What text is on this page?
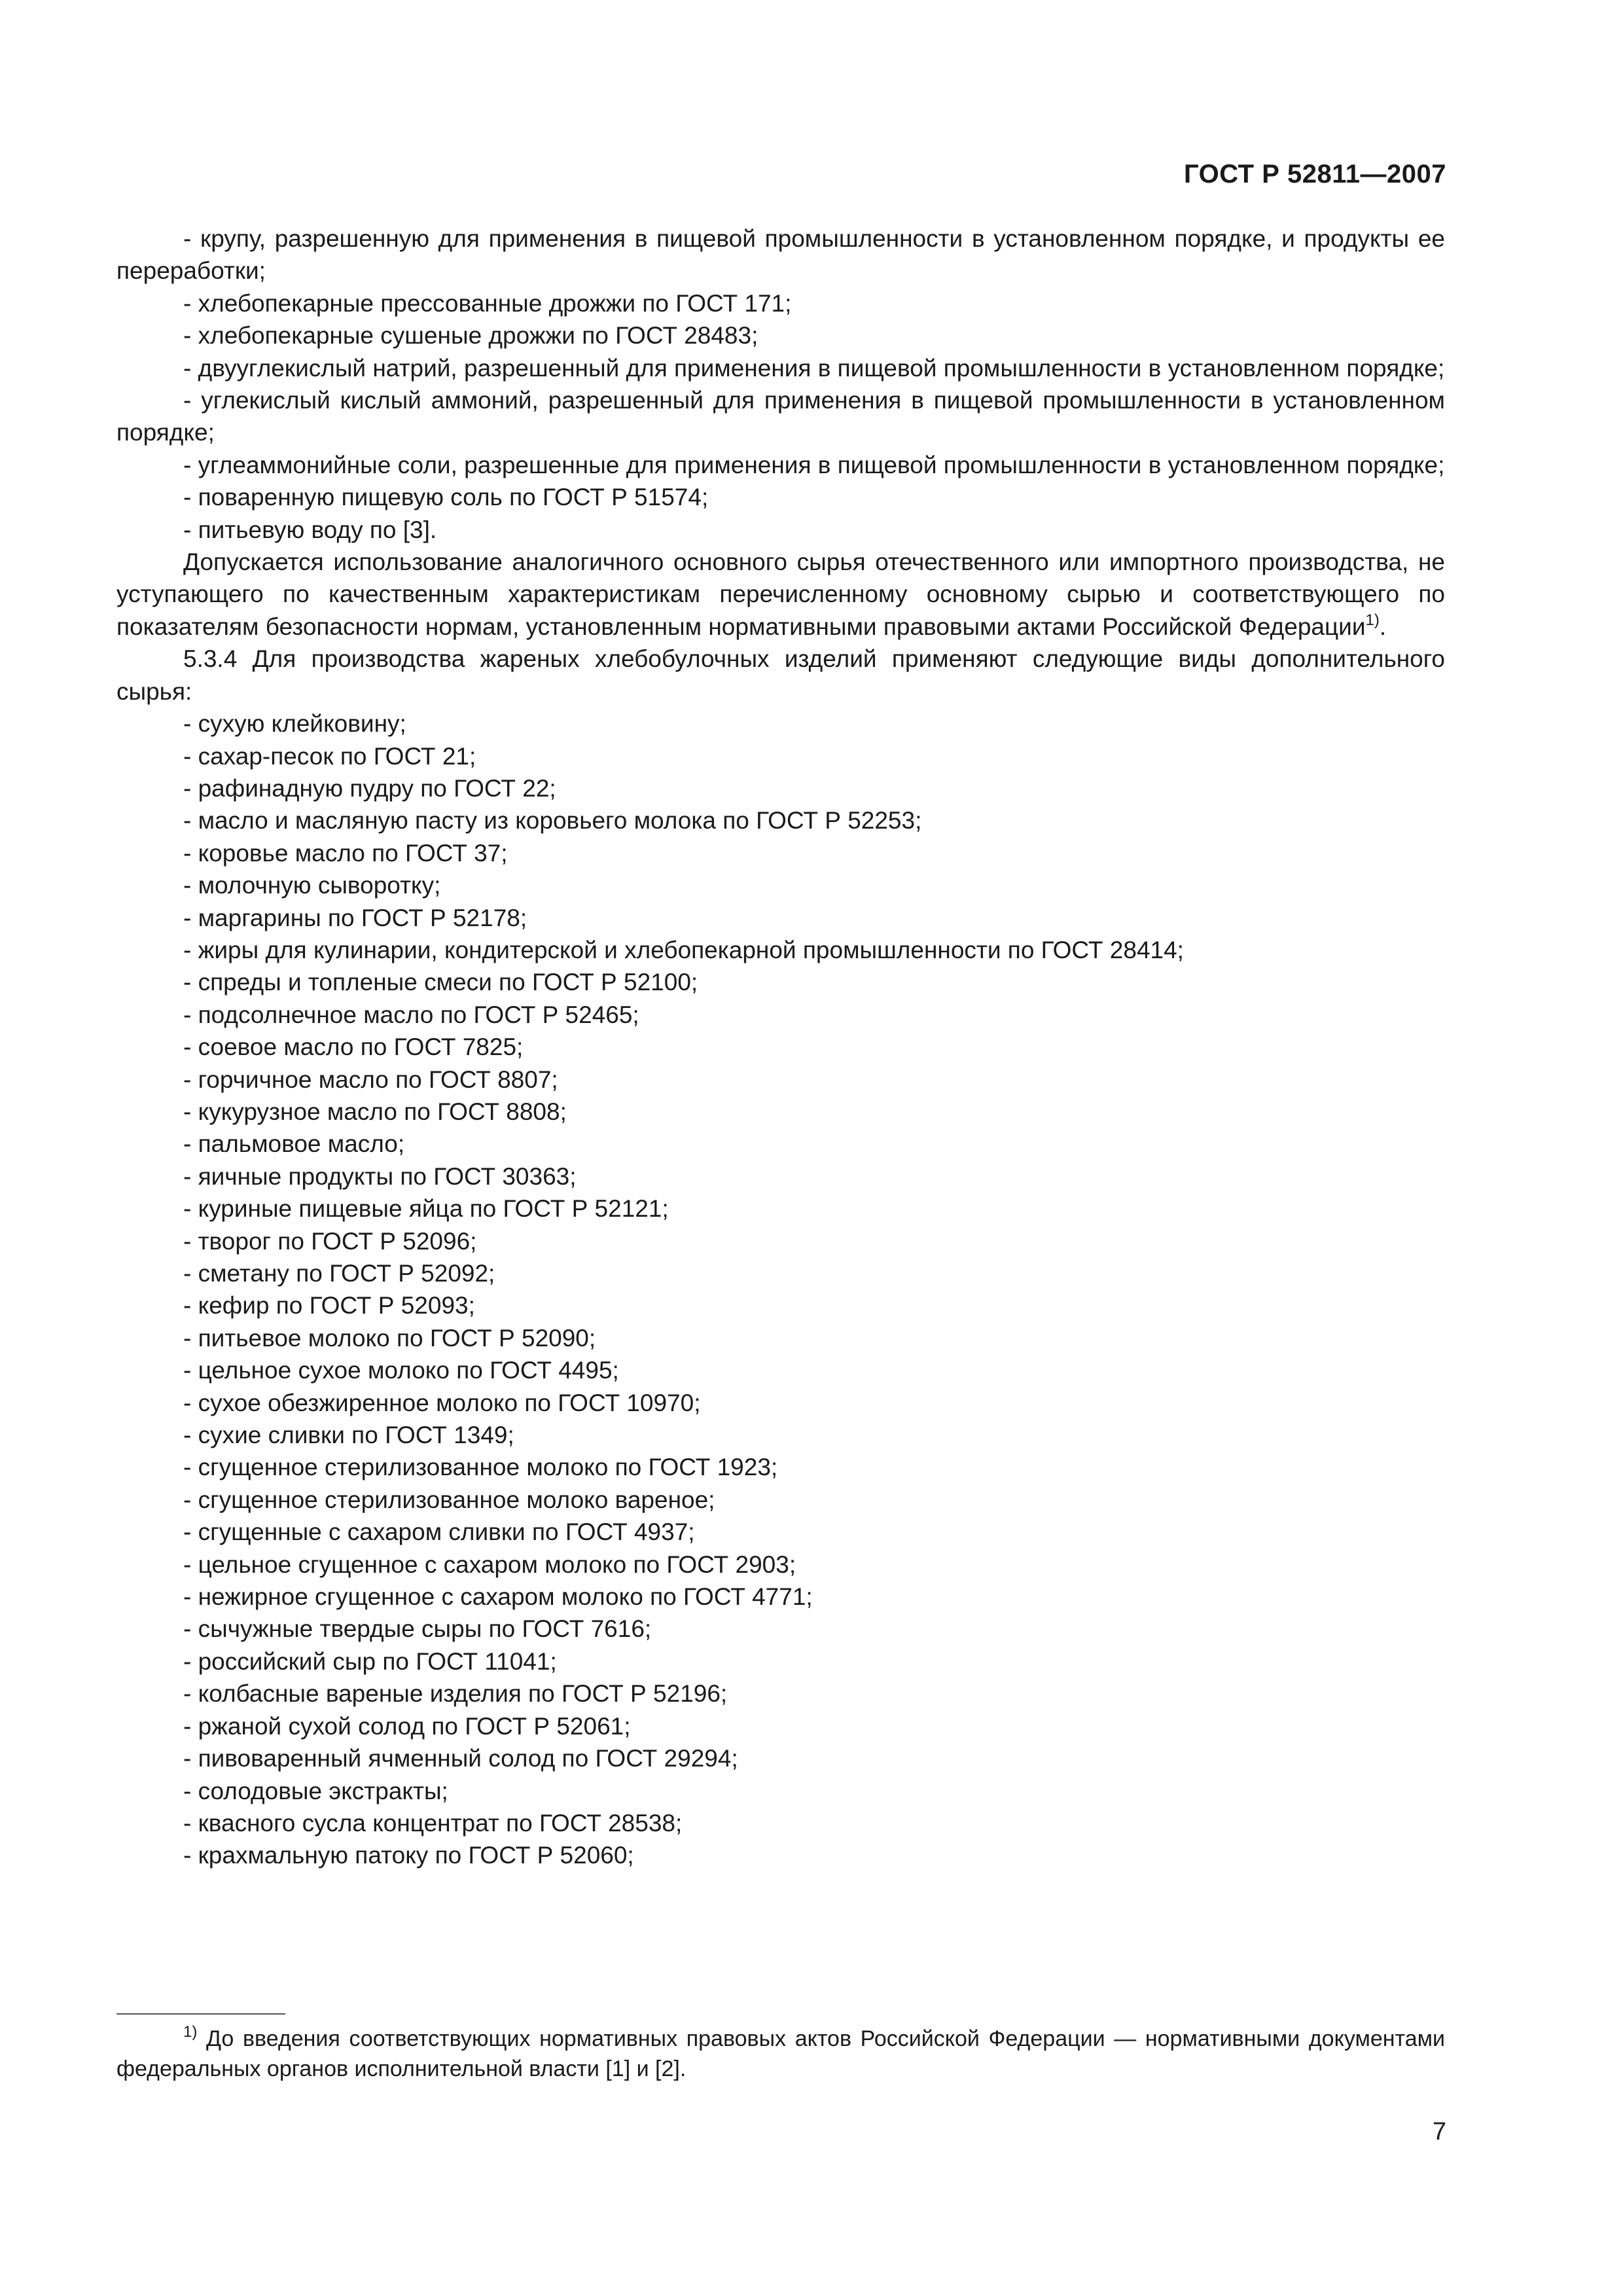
ГОСТ Р 52811—2007
- крупу, разрешенную для применения в пищевой промышленности в установленном порядке, и продукты ее переработки;
- хлебопекарные прессованные дрожжи по ГОСТ 171;
- хлебопекарные сушеные дрожжи по ГОСТ 28483;
- двууглекислый натрий, разрешенный для применения в пищевой промышленности в установленном порядке;
- углекислый кислый аммоний, разрешенный для применения в пищевой промышленности в установленном порядке;
- углеаммонийные соли, разрешенные для применения в пищевой промышленности в установленном порядке;
- поваренную пищевую соль по ГОСТ Р 51574;
- питьевую воду по [3].

Допускается использование аналогичного основного сырья отечественного или импортного производства, не уступающего по качественным характеристикам перечисленному основному сырью и соответствующего по показателям безопасности нормам, установленным нормативными правовыми актами Российской Федерации$^{1)}$.

5.3.4 Для производства жареных хлебобулочных изделий применяют следующие виды дополнительного сырья:

- сухую клейковину;
- сахар-песок по ГОСТ 21;
- рафинадную пудру по ГОСТ 22;
- масло и масляную пасту из коровьего молока по ГОСТ Р 52253;
- коровье масло по ГОСТ 37;
- молочную сыворотку;
- маргарины по ГОСТ Р 52178;
- жиры для кулинарии, кондитерской и хлебопекарной промышленности по ГОСТ 28414;
- спреды и топленые смеси по ГОСТ Р 52100;
- подсолнечное масло по ГОСТ Р 52465;
- соевое масло по ГОСТ 7825;
- горчичное масло по ГОСТ 8807;
- кукурузное масло по ГОСТ 8808;
- пальмовое масло;
- яичные продукты по ГОСТ 30363;
- куриные пищевые яйца по ГОСТ Р 52121;
- творог по ГОСТ Р 52096;
- сметану по ГОСТ Р 52092;
- кефир по ГОСТ Р 52093;
- питьевое молоко по ГОСТ Р 52090;
- цельное сухое молоко по ГОСТ 4495;
- сухое обезжиренное молоко по ГОСТ 10970;
- сухие сливки по ГОСТ 1349;
- сгущенное стерилизованное молоко по ГОСТ 1923;
- сгущенное стерилизованное молоко вареное;
- сгущенные с сахаром сливки по ГОСТ 4937;
- цельное сгущенное с сахаром молоко по ГОСТ 2903;
- нежирное сгущенное с сахаром молоко по ГОСТ 4771;
- сычужные твердые сыры по ГОСТ 7616;
- российский сыр по ГОСТ 11041;
- колбасные вареные изделия по ГОСТ Р 52196;
- ржаной сухой солод по ГОСТ Р 52061;
- пивоваренный ячменный солод по ГОСТ 29294;
- солодовые экстракты;
- квасного сусла концентрат по ГОСТ 28538;
- крахмальную патоку по ГОСТ Р 52060;

$^{1)}$ До введения соответствующих нормативных правовых актов Российской Федерации — нормативными документами федеральных органов исполнительной власти [1] и [2].

7
